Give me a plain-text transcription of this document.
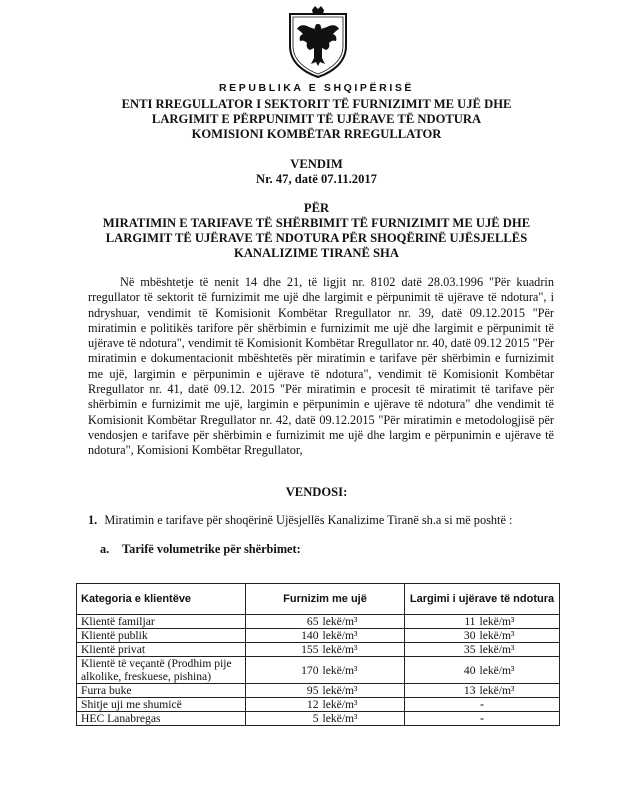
REPUBLIKA E SHQIPËRISË
ENTI RREGULLATOR I SEKTORIT TË FURNIZIMIT ME UJË DHE
LARGIMIT E PËRPUNIMIT TË UJËRAVE TË NDOTURA
KOMISIONI KOMBËTAR RREGULLATOR
VENDIM
Nr. 47, datë 07.11.2017
PËR
MIRATIMIN E TARIFAVE TË SHËRBIMIT TË FURNIZIMIT ME UJË DHE
LARGIMIT TË UJËRAVE TË NDOTURA PËR SHOQËRINË UJËSJELLËS
KANALIZIME TIRANË SHA

Në mbështetje të nenit 14 dhe 21, të ligjit nr. 8102 datë 28.03.1996 "Për kuadrin rregullator të sektorit të furnizimit me ujë dhe largimit e përpunimit të ujërave të ndotura", i ndryshuar, vendimit të Komisionit Kombëtar Rregullator nr. 39, datë 09.12.2015 "Për miratimin e politikës tarifore për shërbimin e furnizimit me ujë dhe largimit e përpunimit të ujërave të ndotura", vendimit të Komisionit Kombëtar Rregullator nr. 40, datë 09.12 2015 "Për miratimin e dokumentacionit mbështetës për miratimin e tarifave për shërbimin e furnizimit me ujë, largimin e përpunimin e ujërave të ndotura", vendimit të Komisionit Kombëtar Rregullator nr. 41, datë 09.12. 2015 "Për miratimin e procesit të miratimit të tarifave për shërbimin e furnizimit me ujë, largimin e përpunimin e ujërave të ndotura" dhe vendimit të Komisionit Kombëtar Rregullator nr. 42, datë 09.12.2015 "Për miratimin e metodologjisë për vendosjen e tarifave për shërbimin e furnizimit me ujë dhe largim e përpunimin e ujërave të ndotura", Komisioni Kombëtar Rregullator,

VENDOSI:
1. Miratimin e tarifave për shoqërinë Ujësjellës Kanalizime Tiranë sh.a si më poshtë :
a. Tarifë volumetrike për shërbimet:
Kategoria e klientëve	Furnizim me ujë	Largimi i ujërave të ndotura
Klientë familjar	65 lekë/m³	11 lekë/m³
Klientë publik	140 lekë/m³	30 lekë/m³
Klientë privat	155 lekë/m³	35 lekë/m³
Klientë të veçantë (Prodhim pije alkolike, freskuese, pishina)	170 lekë/m³	40 lekë/m³
Furra buke	95 lekë/m³	13 lekë/m³
Shitje uji me shumicë	12 lekë/m³	-
HEC Lanabregas	5 lekë/m³	-
